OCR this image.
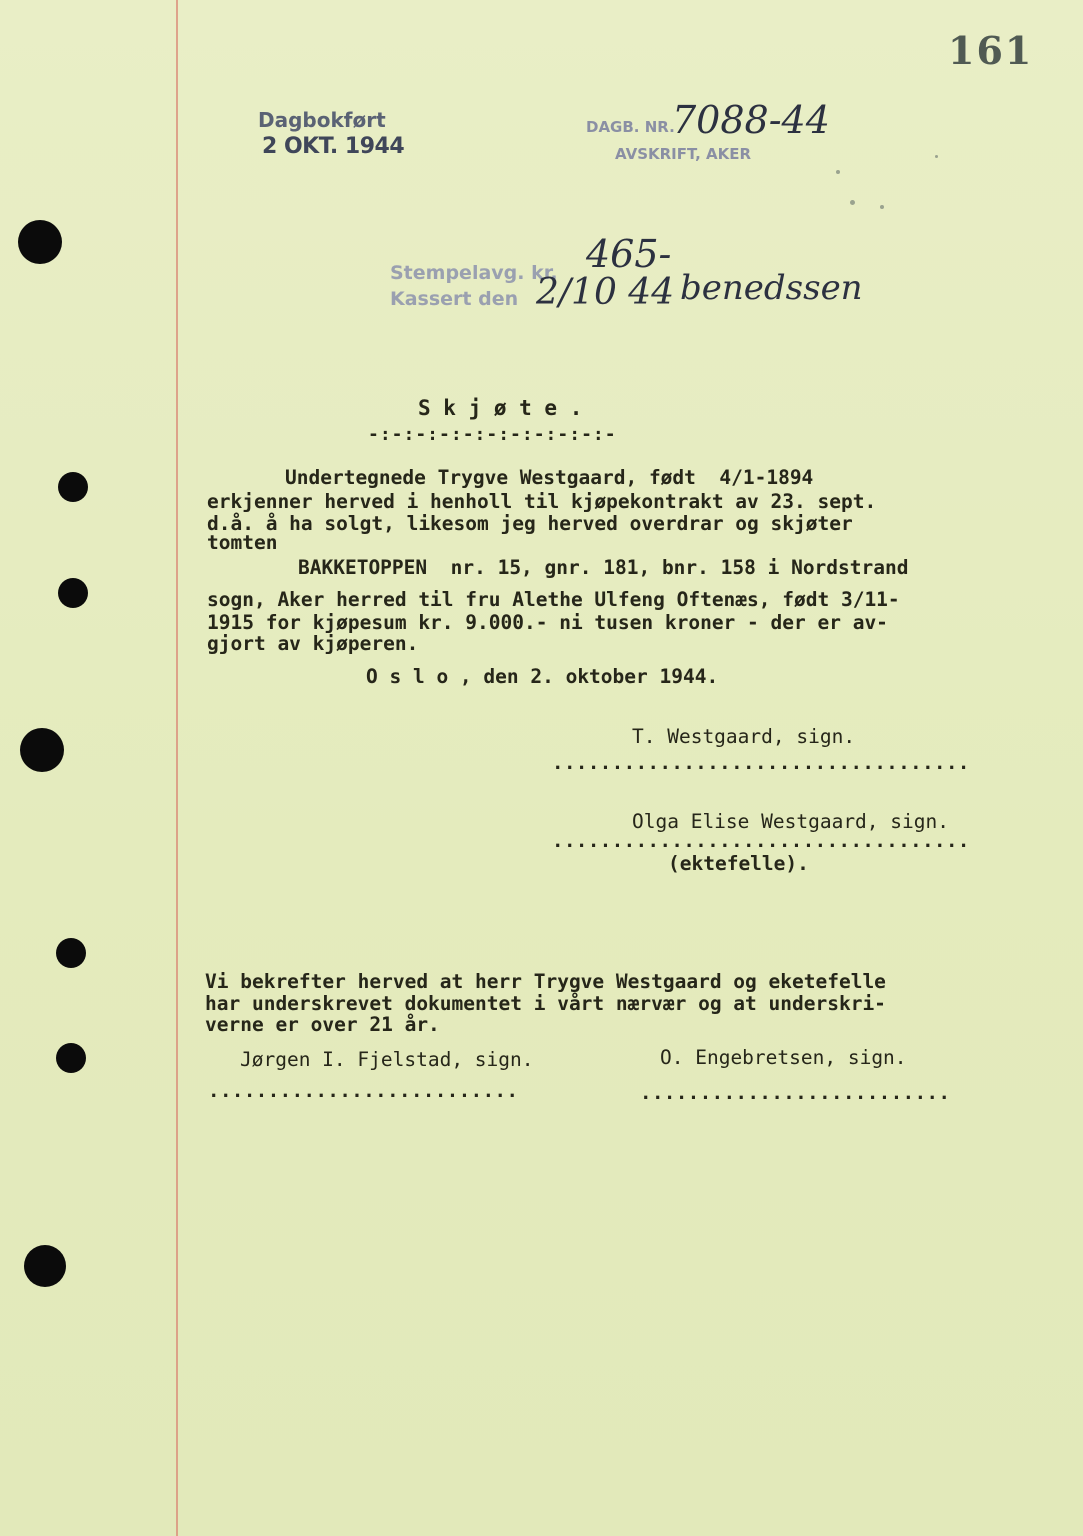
161
Dagbokført
2 OKT. 1944
DAGB. NR.
7088-44
AVSKRIFT, AKER
Stempelavg. kr. 465-
Kassert den 2/10 44 benedssen
S k j ø t e .
-:-:-:-:-:-:-:-:-:-:-
Undertegnede Trygve Westgaard, født  4/1-1894
erkjenner herved i henholl til kjøpekontrakt av 23. sept.
d.å. å ha solgt, likesom jeg herved overdrar og skjøter
tomten
BAKKETOPPEN  nr. 15, gnr. 181, bnr. 158 i Nordstrand
sogn, Aker herred til fru Alethe Ulfeng Oftenæs, født 3/11-
1915 for kjøpesum kr. 9.000.- ni tusen kroner - der er av-
gjort av kjøperen.
O s l o , den 2. oktober 1944.
T. Westgaard, sign.
...................................
Olga Elise Westgaard, sign.
...................................
(ektefelle).
Vi bekrefter herved at herr Trygve Westgaard og eketefelle
har underskrevet dokumentet i vårt nærvær og at underskri-
verne er over 21 år.
Jørgen I. Fjelstad, sign.	O. Engebretsen, sign.
..........................	..........................
